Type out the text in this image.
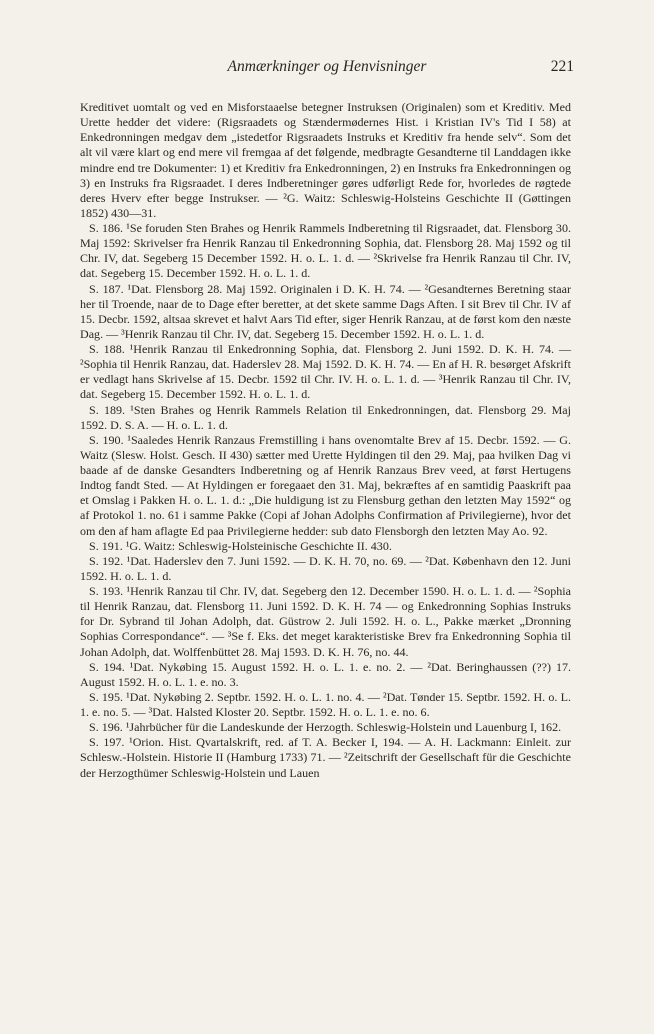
Anmærkninger og Henvisninger	221

Kreditivet uomtalt og ved en Misforstaaelse betegner Instruksen (Originalen) som et Kreditiv. Med Urette hedder det videre: (Rigsraadets og Stændermødernes Hist. i Kristian IV's Tid I 58) at Enkedronningen medgav dem „istedetfor Rigsraadets Instruks et Kreditiv fra hende selv“. Som det alt vil være klart og end mere vil fremgaa af det følgende, medbragte Gesandterne til Landdagen ikke mindre end tre Dokumenter: 1) et Kreditiv fra Enkedronningen, 2) en Instruks fra Enkedronningen og 3) en Instruks fra Rigsraadet. I deres Indberetninger gøres udførligt Rede for, hvorledes de røgtede deres Hverv efter begge Instrukser. — ²G. Waitz: Schleswig-Holsteins Geschichte II (Gøttingen 1852) 430—31.

S. 186. ¹Se foruden Sten Brahes og Henrik Rammels Indberetning til Rigsraadet, dat. Flensborg 30. Maj 1592: Skrivelser fra Henrik Ranzau til Enkedronning Sophia, dat. Flensborg 28. Maj 1592 og til Chr. IV, dat. Segeberg 15 December 1592. H. o. L. 1. d. — ²Skrivelse fra Henrik Ranzau til Chr. IV, dat. Segeberg 15. December 1592. H. o. L. 1. d.

S. 187. ¹Dat. Flensborg 28. Maj 1592. Originalen i D. K. H. 74. — ²Gesandternes Beretning staar her til Troende, naar de to Dage efter beretter, at det skete samme Dags Aften. I sit Brev til Chr. IV af 15. Decbr. 1592, altsaa skrevet et halvt Aars Tid efter, siger Henrik Ranzau, at de først kom den næste Dag. — ³Henrik Ranzau til Chr. IV, dat. Segeberg 15. December 1592. H. o. L. 1. d.

S. 188. ¹Henrik Ranzau til Enkedronning Sophia, dat. Flensborg 2. Juni 1592. D. K. H. 74. — ²Sophia til Henrik Ranzau, dat. Haderslev 28. Maj 1592. D. K. H. 74. — En af H. R. besørget Afskrift er vedlagt hans Skrivelse af 15. Decbr. 1592 til Chr. IV. H. o. L. 1. d. — ³Henrik Ranzau til Chr. IV, dat. Segeberg 15. December 1592. H. o. L. 1. d.

S. 189. ¹Sten Brahes og Henrik Rammels Relation til Enkedronningen, dat. Flensborg 29. Maj 1592. D. S. A. — H. o. L. 1. d.

S. 190. ¹Saaledes Henrik Ranzaus Fremstilling i hans ovenomtalte Brev af 15. Decbr. 1592. — G. Waitz (Slesw. Holst. Gesch. II 430) sætter med Urette Hyldingen til den 29. Maj, paa hvilken Dag vi baade af de danske Gesandters Indberetning og af Henrik Ranzaus Brev veed, at først Hertugens Indtog fandt Sted. — At Hyldingen er foregaaet den 31. Maj, bekræftes af en samtidig Paaskrift paa et Omslag i Pakken H. o. L. 1. d.: „Die huldigung ist zu Flensburg gethan den letzten May 1592“ og af Protokol 1. no. 61 i samme Pakke (Copi af Johan Adolphs Confirmation af Privilegierne), hvor det om den af ham aflagte Ed paa Privilegierne hedder: sub dato Flensborgh den letzten May Ao. 92.

S. 191. ¹G. Waitz: Schleswig-Holsteinische Geschichte II. 430.

S. 192. ¹Dat. Haderslev den 7. Juni 1592. — D. K. H. 70, no. 69. — ²Dat. København den 12. Juni 1592. H. o. L. 1. d.

S. 193. ¹Henrik Ranzau til Chr. IV, dat. Segeberg den 12. December 1590. H. o. L. 1. d. — ²Sophia til Henrik Ranzau, dat. Flensborg 11. Juni 1592. D. K. H. 74 — og Enkedronning Sophias Instruks for Dr. Sybrand til Johan Adolph, dat. Güstrow 2. Juli 1592. H. o. L., Pakke mærket „Dronning Sophias Correspondance“. — ³Se f. Eks. det meget karakteristiske Brev fra Enkedronning Sophia til Johan Adolph, dat. Wolffenbüttet 28. Maj 1593. D. K. H. 76, no. 44.

S. 194. ¹Dat. Nykøbing 15. August 1592. H. o. L. 1. e. no. 2. — ²Dat. Beringhaussen (??) 17. August 1592. H. o. L. 1. e. no. 3.

S. 195. ¹Dat. Nykøbing 2. Septbr. 1592. H. o. L. 1. no. 4. — ²Dat. Tønder 15. Septbr. 1592. H. o. L. 1. e. no. 5. — ³Dat. Halsted Kloster 20. Septbr. 1592. H. o. L. 1. e. no. 6.

S. 196. ¹Jahrbücher für die Landeskunde der Herzogth. Schleswig-Holstein und Lauenburg I, 162.

S. 197. ¹Orion. Hist. Qvartalskrift, red. af T. A. Becker I, 194. — A. H. Lackmann: Einleit. zur Schlesw.-Holstein. Historie II (Hamburg 1733) 71. — ²Zeitschrift der Gesellschaft für die Geschichte der Herzogthümer Schleswig-Holstein und Lauen
